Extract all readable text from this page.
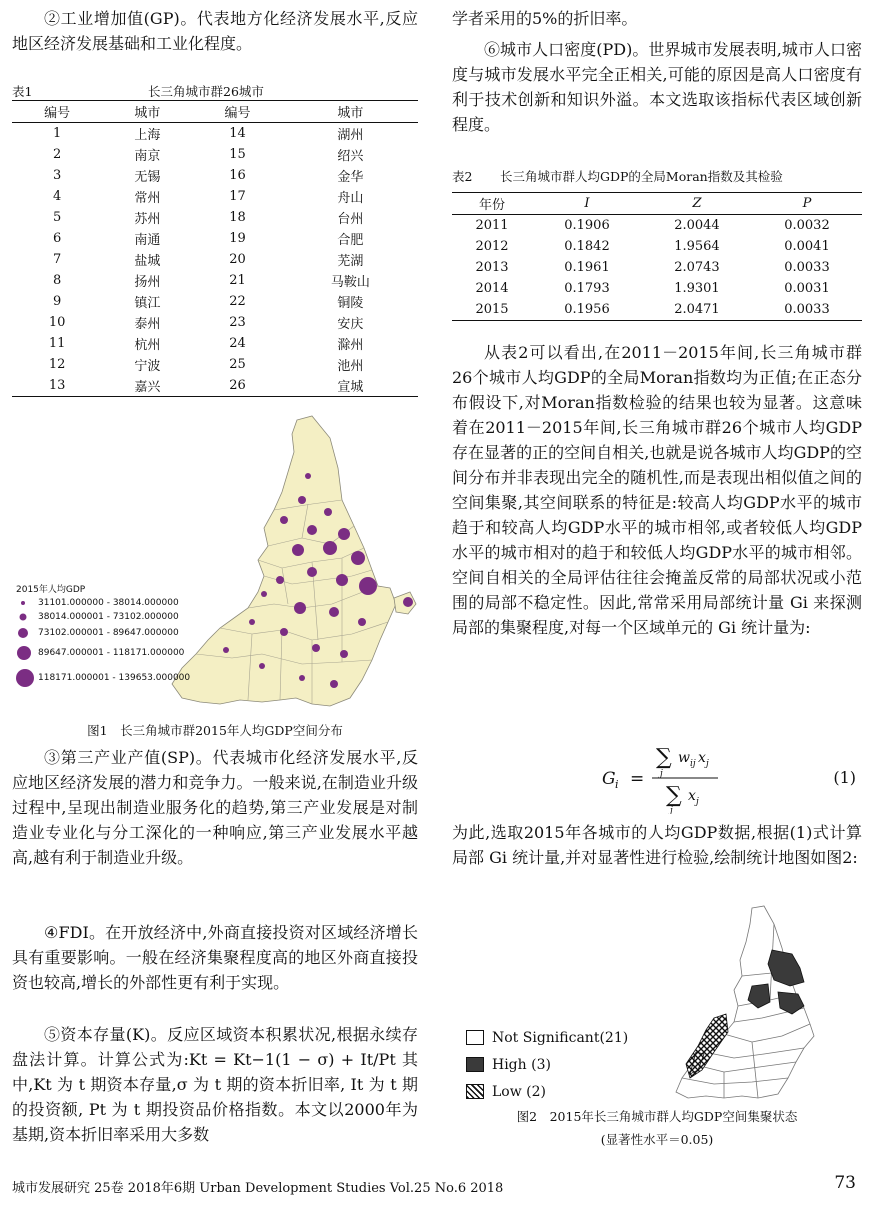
②工业增加值(GP)。代表地方化经济发展水平,反应地区经济发展基础和工业化程度。

表1	长三角城市群26城市
编号	城市	编号	城市
1	上海	14	湖州
2	南京	15	绍兴
3	无锡	16	金华
4	常州	17	舟山
5	苏州	18	台州
6	南通	19	合肥
7	盐城	20	芜湖
8	扬州	21	马鞍山
9	镇江	22	铜陵
10	泰州	23	安庆
11	杭州	24	滁州
12	宁波	25	池州
13	嘉兴	26	宣城
2015年人均GDP
31101.000000 - 38014.000000
38014.000001 - 73102.000000
73102.000001 - 89647.000000
89647.000001 - 118171.000000
118171.000001 - 139653.000000
图1　长三角城市群2015年人均GDP空间分布

③第三产业产值(SP)。代表城市化经济发展水平,反应地区经济发展的潜力和竞争力。一般来说,在制造业升级过程中,呈现出制造业服务化的趋势,第三产业发展是对制造业专业化与分工深化的一种响应,第三产业发展水平越高,越有利于制造业升级。

④FDI。在开放经济中,外商直接投资对区域经济增长具有重要影响。一般在经济集聚程度高的地区外商直接投资也较高,增长的外部性更有利于实现。

⑤资本存量(K)。反应区域资本积累状况,根据永续存盘法计算。计算公式为:Kt = Kt−1(1 − σ) + It/Pt 其中,Kt 为 t 期资本存量,σ 为 t 期的资本折旧率, It 为 t 期的投资额, Pt 为 t 期投资品价格指数。本文以2000年为基期,资本折旧率采用大多数

学者采用的5%的折旧率。

⑥城市人口密度(PD)。世界城市发展表明,城市人口密度与城市发展水平完全正相关,可能的原因是高人口密度有利于技术创新和知识外溢。本文选取该指标代表区域创新程度。

表2 长三角城市群人均GDP的全局Moran指数及其检验
年份	I	Z	P
2011	0.1906	2.0044	0.0032
2012	0.1842	1.9564	0.0041
2013	0.1961	2.0743	0.0033
2014	0.1793	1.9301	0.0031
2015	0.1956	2.0471	0.0033

从表2可以看出,在2011－2015年间,长三角城市群26个城市人均GDP的全局Moran指数均为正值;在正态分布假设下,对Moran指数检验的结果也较为显著。这意味着在2011－2015年间,长三角城市群26个城市人均GDP存在显著的正的空间自相关,也就是说各城市人均GDP的空间分布并非表现出完全的随机性,而是表现出相似值之间的空间集聚,其空间联系的特征是:较高人均GDP水平的城市趋于和较高人均GDP水平的城市相邻,或者较低人均GDP水平的城市相对的趋于和较低人均GDP水平的城市相邻。空间自相关的全局评估往往会掩盖反常的局部状况或小范围的局部不稳定性。因此,常常采用局部统计量 Gi 来探测局部的集聚程度,对每一个区域单元的 Gi 统计量为:

G i =
∑
j
w ij x j
∑
j
x j
(1)

为此,选取2015年各城市的人均GDP数据,根据(1)式计算局部 Gi 统计量,并对显著性进行检验,绘制统计地图如图2:

Not Significant(21)
High (3)
Low (2)
图2　2015年长三角城市群人均GDP空间集聚状态
(显著性水平＝0.05)
城市发展研究 25卷 2018年6期 Urban Development Studies Vol.25 No.6 2018	73
